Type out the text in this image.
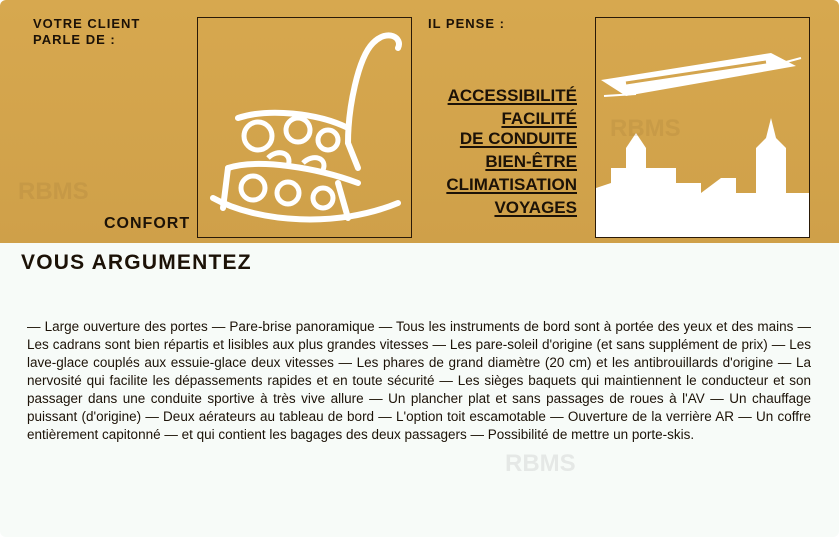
VOTRE CLIENT
PARLE DE :
IL PENSE :
CONFORT
ACCESSIBILITÉ
FACILITÉ
DE CONDUITE
BIEN-ÊTRE
CLIMATISATION
VOYAGES
VOUS ARGUMENTEZ
— Large ouverture des portes — Pare-brise panoramique — Tous les instruments de bord sont à portée des yeux et des mains — Les cadrans sont bien répartis et lisibles aux plus grandes vitesses — Les pare-soleil d'origine (et sans supplément de prix) — Les lave-glace couplés aux essuie-glace deux vitesses — Les phares de grand diamètre (20 cm) et les antibrouillards d'origine — La nervosité qui facilite les dépassements rapides et en toute sécurité — Les sièges baquets qui maintiennent le conducteur et son passager dans une conduite sportive à très vive allure — Un plancher plat et sans passages de roues à l'AV — Un chauffage puissant (d'origine) — Deux aérateurs au tableau de bord — L'option toit escamotable — Ouverture de la verrière AR — Un coffre entièrement capitonné — et qui contient les bagages des deux passagers — Possibilité de mettre un porte-skis.
RBMS
RBMS
RBMS
